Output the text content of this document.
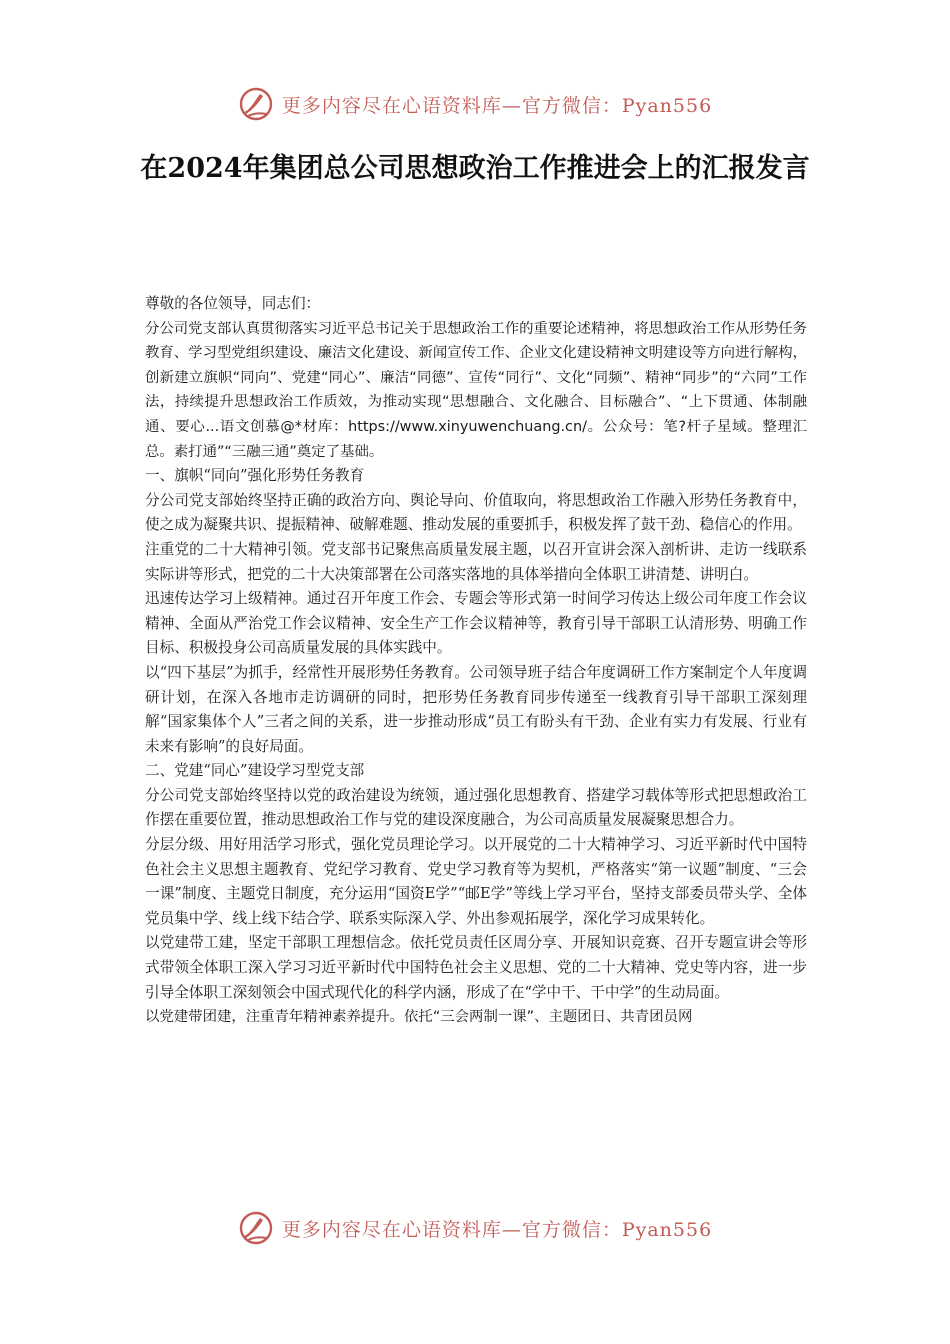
更多内容尽在心语资料库—官方微信：Pyan556
在2024年集团总公司思想政治工作推进会上的汇报发言

尊敬的各位领导，同志们：

分公司党支部认真贯彻落实习近平总书记关于思想政治工作的重要论述精神，将思想政治工作从形势任务教育、学习型党组织建设、廉洁文化建设、新闻宣传工作、企业文化建设精神文明建设等方向进行解构，创新建立旗帜“同向”、党建“同心”、廉洁“同德”、宣传“同行”、文化“同频”、精神“同步”的“六同”工作法，持续提升思想政治工作质效，为推动实现“思想融合、文化融合、目标融合”、“上下贯通、体制融通、要心...语文创慕@*材库：https://www.xinyuwenchuang.cn/。公众号：笔?杆子星域。整理汇总。素打通”“三融三通”奠定了基础。

一、旗帜“同向”强化形势任务教育

分公司党支部始终坚持正确的政治方向、舆论导向、价值取向，将思想政治工作融入形势任务教育中，使之成为凝聚共识、提振精神、破解难题、推动发展的重要抓手，积极发挥了鼓干劲、稳信心的作用。

注重党的二十大精神引领。党支部书记聚焦高质量发展主题，以召开宣讲会深入剖析讲、走访一线联系实际讲等形式，把党的二十大决策部署在公司落实落地的具体举措向全体职工讲清楚、讲明白。

迅速传达学习上级精神。通过召开年度工作会、专题会等形式第一时间学习传达上级公司年度工作会议精神、全面从严治党工作会议精神、安全生产工作会议精神等，教育引导干部职工认清形势、明确工作目标、积极投身公司高质量发展的具体实践中。

以“四下基层”为抓手，经常性开展形势任务教育。公司领导班子结合年度调研工作方案制定个人年度调研计划，在深入各地市走访调研的同时，把形势任务教育同步传递至一线教育引导干部职工深刻理解“国家集体个人”三者之间的关系，进一步推动形成“员工有盼头有干劲、企业有实力有发展、行业有未来有影响”的良好局面。

二、党建“同心”建设学习型党支部

分公司党支部始终坚持以党的政治建设为统领，通过强化思想教育、搭建学习载体等形式把思想政治工作摆在重要位置，推动思想政治工作与党的建设深度融合，为公司高质量发展凝聚思想合力。

分层分级、用好用活学习形式，强化党员理论学习。以开展党的二十大精神学习、习近平新时代中国特色社会主义思想主题教育、党纪学习教育、党史学习教育等为契机，严格落实“第一议题”制度、“三会一课”制度、主题党日制度，充分运用“国资E学”“邮E学”等线上学习平台，坚持支部委员带头学、全体党员集中学、线上线下结合学、联系实际深入学、外出参观拓展学，深化学习成果转化。

以党建带工建，坚定干部职工理想信念。依托党员责任区周分享、开展知识竞赛、召开专题宣讲会等形式带领全体职工深入学习习近平新时代中国特色社会主义思想、党的二十大精神、党史等内容，进一步引导全体职工深刻领会中国式现代化的科学内涵，形成了在“学中干、干中学”的生动局面。

以党建带团建，注重青年精神素养提升。依托“三会两制一课”、主题团日、共青团员网

更多内容尽在心语资料库—官方微信：Pyan556
